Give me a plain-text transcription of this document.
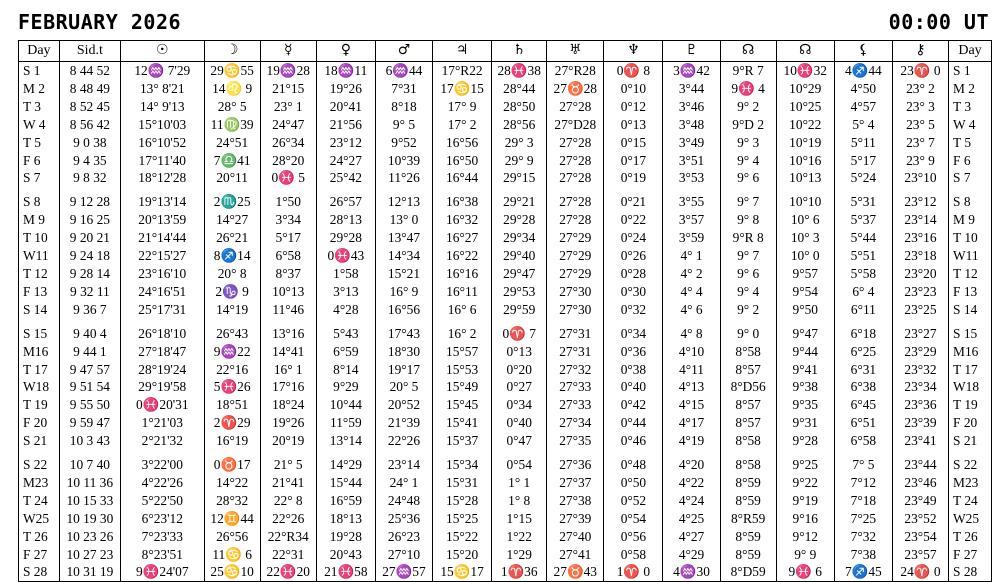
FEBRUARY 2026	00:00 UT
Day	Sid.t	☉	☽	☿	♀	♂	♃	♄	♅	♆	♇	☊	☊	⚸	⚷	Day
S 1	8 44 52	12♒ 7'29	29♋55	19♒28	18♒11	6♒44	17°R22	28♓38	27°R28	0♈ 8	3♒42	9°R 7	10♓32	4♐44	23♈ 0	S 1
M 2	8 48 49	13° 8'21	14♌ 9	21°15	19°26	7°31	17♋15	28°44	27♉28	0°10	3°44	9♓ 4	10°29	4°50	23° 2	M 2
T 3	8 52 45	14° 9'13	28° 5	23° 1	20°41	8°18	17° 9	28°50	27°28	0°12	3°46	9° 2	10°25	4°57	23° 3	T 3
W 4	8 56 42	15°10'03	11♍39	24°47	21°56	9° 5	17° 2	28°56	27°D28	0°13	3°48	9°D 2	10°22	5° 4	23° 5	W 4
T 5	9 0 38	16°10'52	24°51	26°34	23°12	9°52	16°56	29° 3	27°28	0°15	3°49	9° 3	10°19	5°11	23° 7	T 5
F 6	9 4 35	17°11'40	7♎41	28°20	24°27	10°39	16°50	29° 9	27°28	0°17	3°51	9° 4	10°16	5°17	23° 9	F 6
S 7	9 8 32	18°12'28	20°11	0♓ 5	25°42	11°26	16°44	29°15	27°28	0°19	3°53	9° 6	10°13	5°24	23°10	S 7

S 8	9 12 28	19°13'14	2♏25	1°50	26°57	12°13	16°38	29°21	27°28	0°21	3°55	9° 7	10°10	5°31	23°12	S 8
M 9	9 16 25	20°13'59	14°27	3°34	28°13	13° 0	16°32	29°28	27°28	0°22	3°57	9° 8	10° 6	5°37	23°14	M 9
T 10	9 20 21	21°14'44	26°21	5°17	29°28	13°47	16°27	29°34	27°29	0°24	3°59	9°R 8	10° 3	5°44	23°16	T 10
W11	9 24 18	22°15'27	8♐14	6°58	0♓43	14°34	16°22	29°40	27°29	0°26	4° 1	9° 7	10° 0	5°51	23°18	W11
T 12	9 28 14	23°16'10	20° 8	8°37	1°58	15°21	16°16	29°47	27°29	0°28	4° 2	9° 6	9°57	5°58	23°20	T 12
F 13	9 32 11	24°16'51	2♑ 9	10°13	3°13	16° 9	16°11	29°53	27°30	0°30	4° 4	9° 4	9°54	6° 4	23°23	F 13
S 14	9 36 7	25°17'31	14°19	11°46	4°28	16°56	16° 6	29°59	27°30	0°32	4° 6	9° 2	9°50	6°11	23°25	S 14

S 15	9 40 4	26°18'10	26°43	13°16	5°43	17°43	16° 2	0♈ 7	27°31	0°34	4° 8	9° 0	9°47	6°18	23°27	S 15
M16	9 44 1	27°18'47	9♒22	14°41	6°59	18°30	15°57	0°13	27°31	0°36	4°10	8°58	9°44	6°25	23°29	M16
T 17	9 47 57	28°19'24	22°16	16° 1	8°14	19°17	15°53	0°20	27°32	0°38	4°11	8°57	9°41	6°31	23°32	T 17
W18	9 51 54	29°19'58	5♓26	17°16	9°29	20° 5	15°49	0°27	27°33	0°40	4°13	8°D56	9°38	6°38	23°34	W18
T 19	9 55 50	0♓20'31	18°51	18°24	10°44	20°52	15°45	0°34	27°33	0°42	4°15	8°57	9°35	6°45	23°36	T 19
F 20	9 59 47	1°21'03	2♈29	19°26	11°59	21°39	15°41	0°40	27°34	0°44	4°17	8°57	9°31	6°51	23°39	F 20
S 21	10 3 43	2°21'32	16°19	20°19	13°14	22°26	15°37	0°47	27°35	0°46	4°19	8°58	9°28	6°58	23°41	S 21

S 22	10 7 40	3°22'00	0♉17	21° 5	14°29	23°14	15°34	0°54	27°36	0°48	4°20	8°58	9°25	7° 5	23°44	S 22
M23	10 11 36	4°22'26	14°22	21°41	15°44	24° 1	15°31	1° 1	27°37	0°50	4°22	8°59	9°22	7°12	23°46	M23
T 24	10 15 33	5°22'50	28°32	22° 8	16°59	24°48	15°28	1° 8	27°38	0°52	4°24	8°59	9°19	7°18	23°49	T 24
W25	10 19 30	6°23'12	12♊44	22°26	18°13	25°36	15°25	1°15	27°39	0°54	4°25	8°R59	9°16	7°25	23°52	W25
T 26	10 23 26	7°23'33	26°56	22°R34	19°28	26°23	15°22	1°22	27°40	0°56	4°27	8°59	9°12	7°32	23°54	T 26
F 27	10 27 23	8°23'51	11♋ 6	22°31	20°43	27°10	15°20	1°29	27°41	0°58	4°29	8°59	9° 9	7°38	23°57	F 27
S 28	10 31 19	9♓24'07	25♋10	22♓20	21♓58	27♒57	15♋17	1♈36	27♉43	1♈ 0	4♒30	8°D59	9♓ 6	7♐45	24♈ 0	S 28
